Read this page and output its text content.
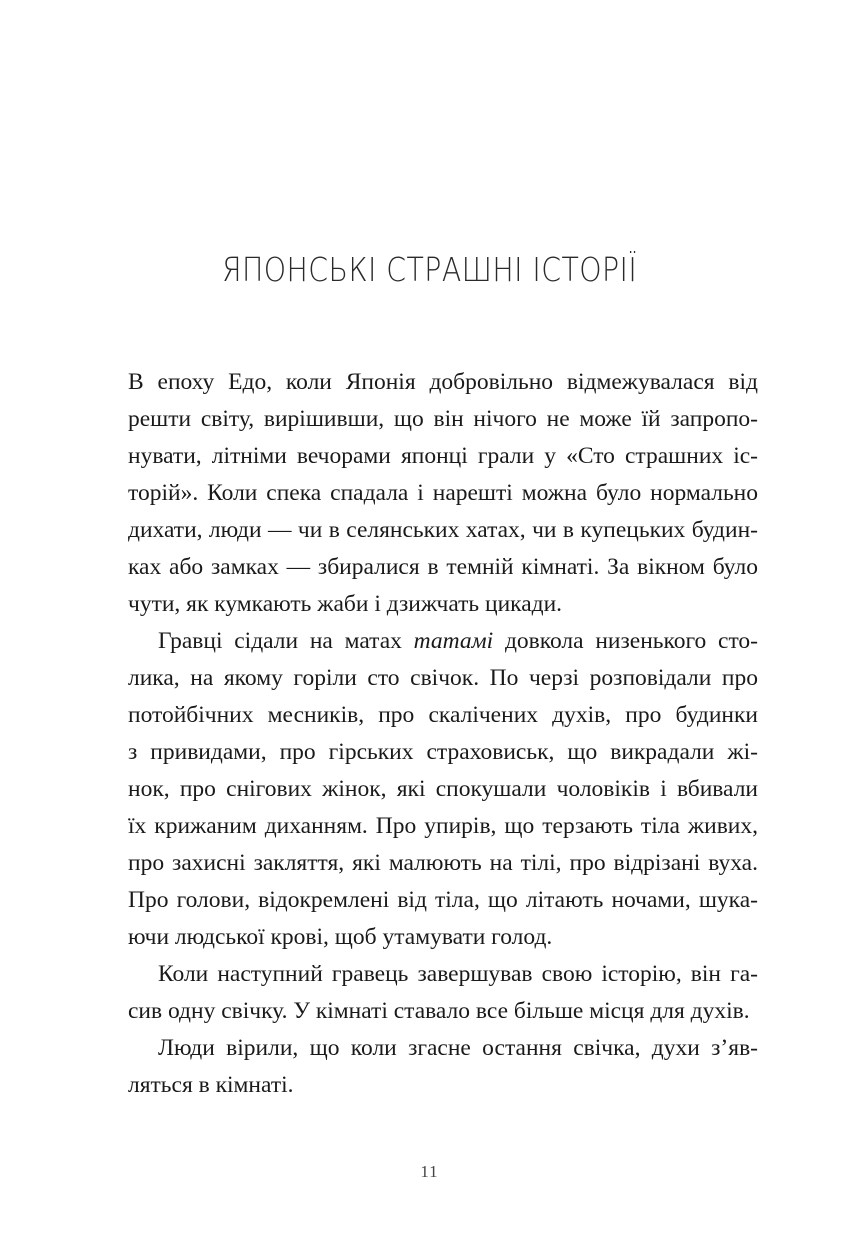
ЯПОНСЬКІ СТРАШНІ ІСТОРІЇ

В епоху Едо, коли Японія добровільно відмежувалася від
решти світу, вирішивши, що він нічого не може їй запропо-
нувати, літніми вечорами японці грали у «Сто страшних іс-
торій». Коли спека спадала і нарешті можна було нормально
дихати, люди — чи в селянських хатах, чи в купецьких будин-
ках або замках — збиралися в темній кімнаті. За вікном було
чути, як кумкають жаби і дзижчать цикади.

Гравці сідали на матах татамі довкола низенького сто-
лика, на якому горіли сто свічок. По черзі розповідали про
потойбічних месників, про скалічених духів, про будинки
з привидами, про гірських страховиськ, що викрадали жі-
нок, про снігових жінок, які спокушали чоловіків і вбивали
їх крижаним диханням. Про упирів, що терзають тіла живих,
про захисні закляття, які малюють на тілі, про відрізані вуха.
Про голови, відокремлені від тіла, що літають ночами, шука-
ючи людської крові, щоб утамувати голод.

Коли наступний гравець завершував свою історію, він га-
сив одну свічку. У кімнаті ставало все більше місця для духів.

Люди вірили, що коли згасне остання свічка, духи з’яв-
ляться в кімнаті.

11
